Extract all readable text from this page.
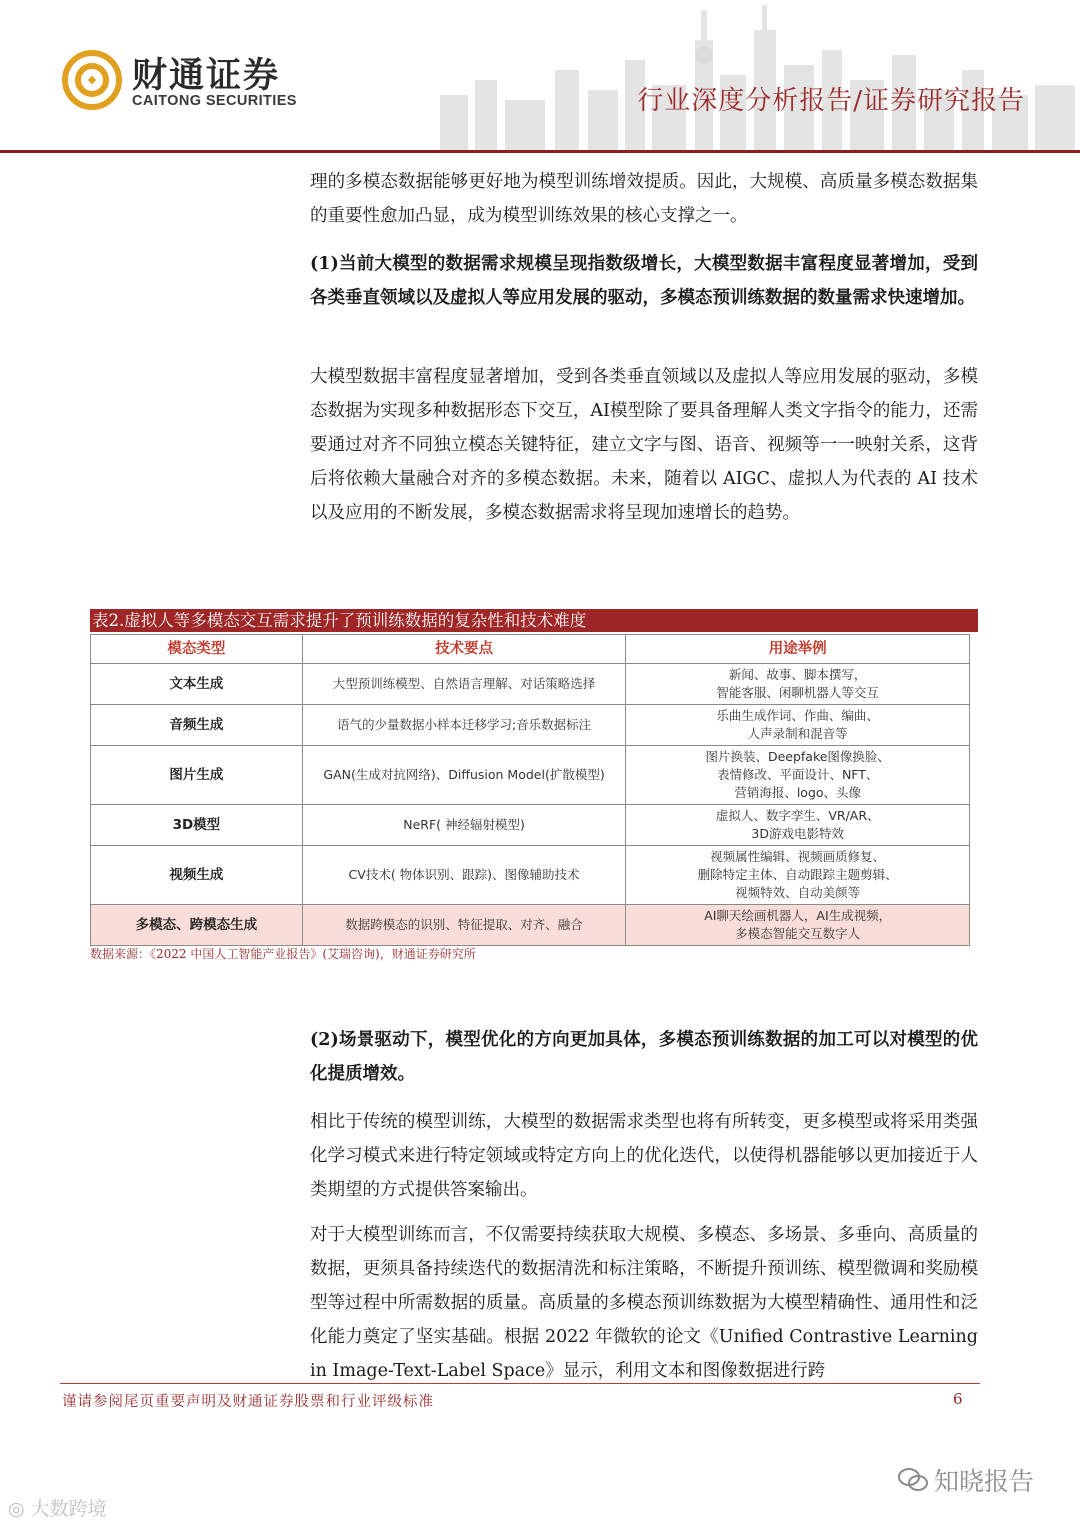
财通证券
CAITONG SECURITIES	行业深度分析报告/证券研究报告

理的多模态数据能够更好地为模型训练增效提质。因此，大规模、高质量多模态数据集的重要性愈加凸显，成为模型训练效果的核心支撑之一。

(1)当前大模型的数据需求规模呈现指数级增长，大模型数据丰富程度显著增加，受到各类垂直领域以及虚拟人等应用发展的驱动，多模态预训练数据的数量需求快速增加。

大模型数据丰富程度显著增加，受到各类垂直领域以及虚拟人等应用发展的驱动，多模态数据为实现多种数据形态下交互，AI模型除了要具备理解人类文字指令的能力，还需要通过对齐不同独立模态关键特征，建立文字与图、语音、视频等一一映射关系，这背后将依赖大量融合对齐的多模态数据。未来，随着以 AIGC、虚拟人为代表的 AI 技术以及应用的不断发展，多模态数据需求将呈现加速增长的趋势。

表2.虚拟人等多模态交互需求提升了预训练数据的复杂性和技术难度
模态类型	技术要点	用途举例
文本生成	大型预训练模型、自然语言理解、对话策略选择	新闻、故事、脚本撰写，
智能客服、闲聊机器人等交互

音频生成	语气的少量数据小样本迁移学习;音乐数据标注	乐曲生成作词、作曲、编曲、
人声录制和混音等

图片生成	GAN(生成对抗网络)、Diffusion Model(扩散模型)	图片换装、Deepfake图像换脸、
表情修改、平面设计、NFT、
营销海报、logo、头像

3D模型	NeRF( 神经辐射模型)	虚拟人、数字孪生、VR/AR、
3D游戏电影特效

视频生成	CV技术( 物体识别、跟踪)、图像辅助技术	视频属性编辑、视频画质修复、
删除特定主体、自动跟踪主题剪辑、
视频特效、自动美颜等

多模态、跨模态生成	数据跨模态的识别、特征提取、对齐、融合	AI聊天绘画机器人，AI生成视频，
多模态智能交互数字人
数据来源：《2022 中国人工智能产业报告》(艾瑞咨询)，财通证券研究所

(2)场景驱动下，模型优化的方向更加具体，多模态预训练数据的加工可以对模型的优化提质增效。

相比于传统的模型训练，大模型的数据需求类型也将有所转变，更多模型或将采用类强化学习模式来进行特定领域或特定方向上的优化迭代，以使得机器能够以更加接近于人类期望的方式提供答案输出。

对于大模型训练而言，不仅需要持续获取大规模、多模态、多场景、多垂向、高质量的数据，更须具备持续迭代的数据清洗和标注策略，不断提升预训练、模型微调和奖励模型等过程中所需数据的质量。高质量的多模态预训练数据为大模型精确性、通用性和泛化能力奠定了坚实基础。根据 2022 年微软的论文《Unified Contrastive Learning in Image-Text-Label Space》显示，利用文本和图像数据进行跨

谨请参阅尾页重要声明及财通证券股票和行业评级标准	6
◎ 大数跨境
知晓报告
